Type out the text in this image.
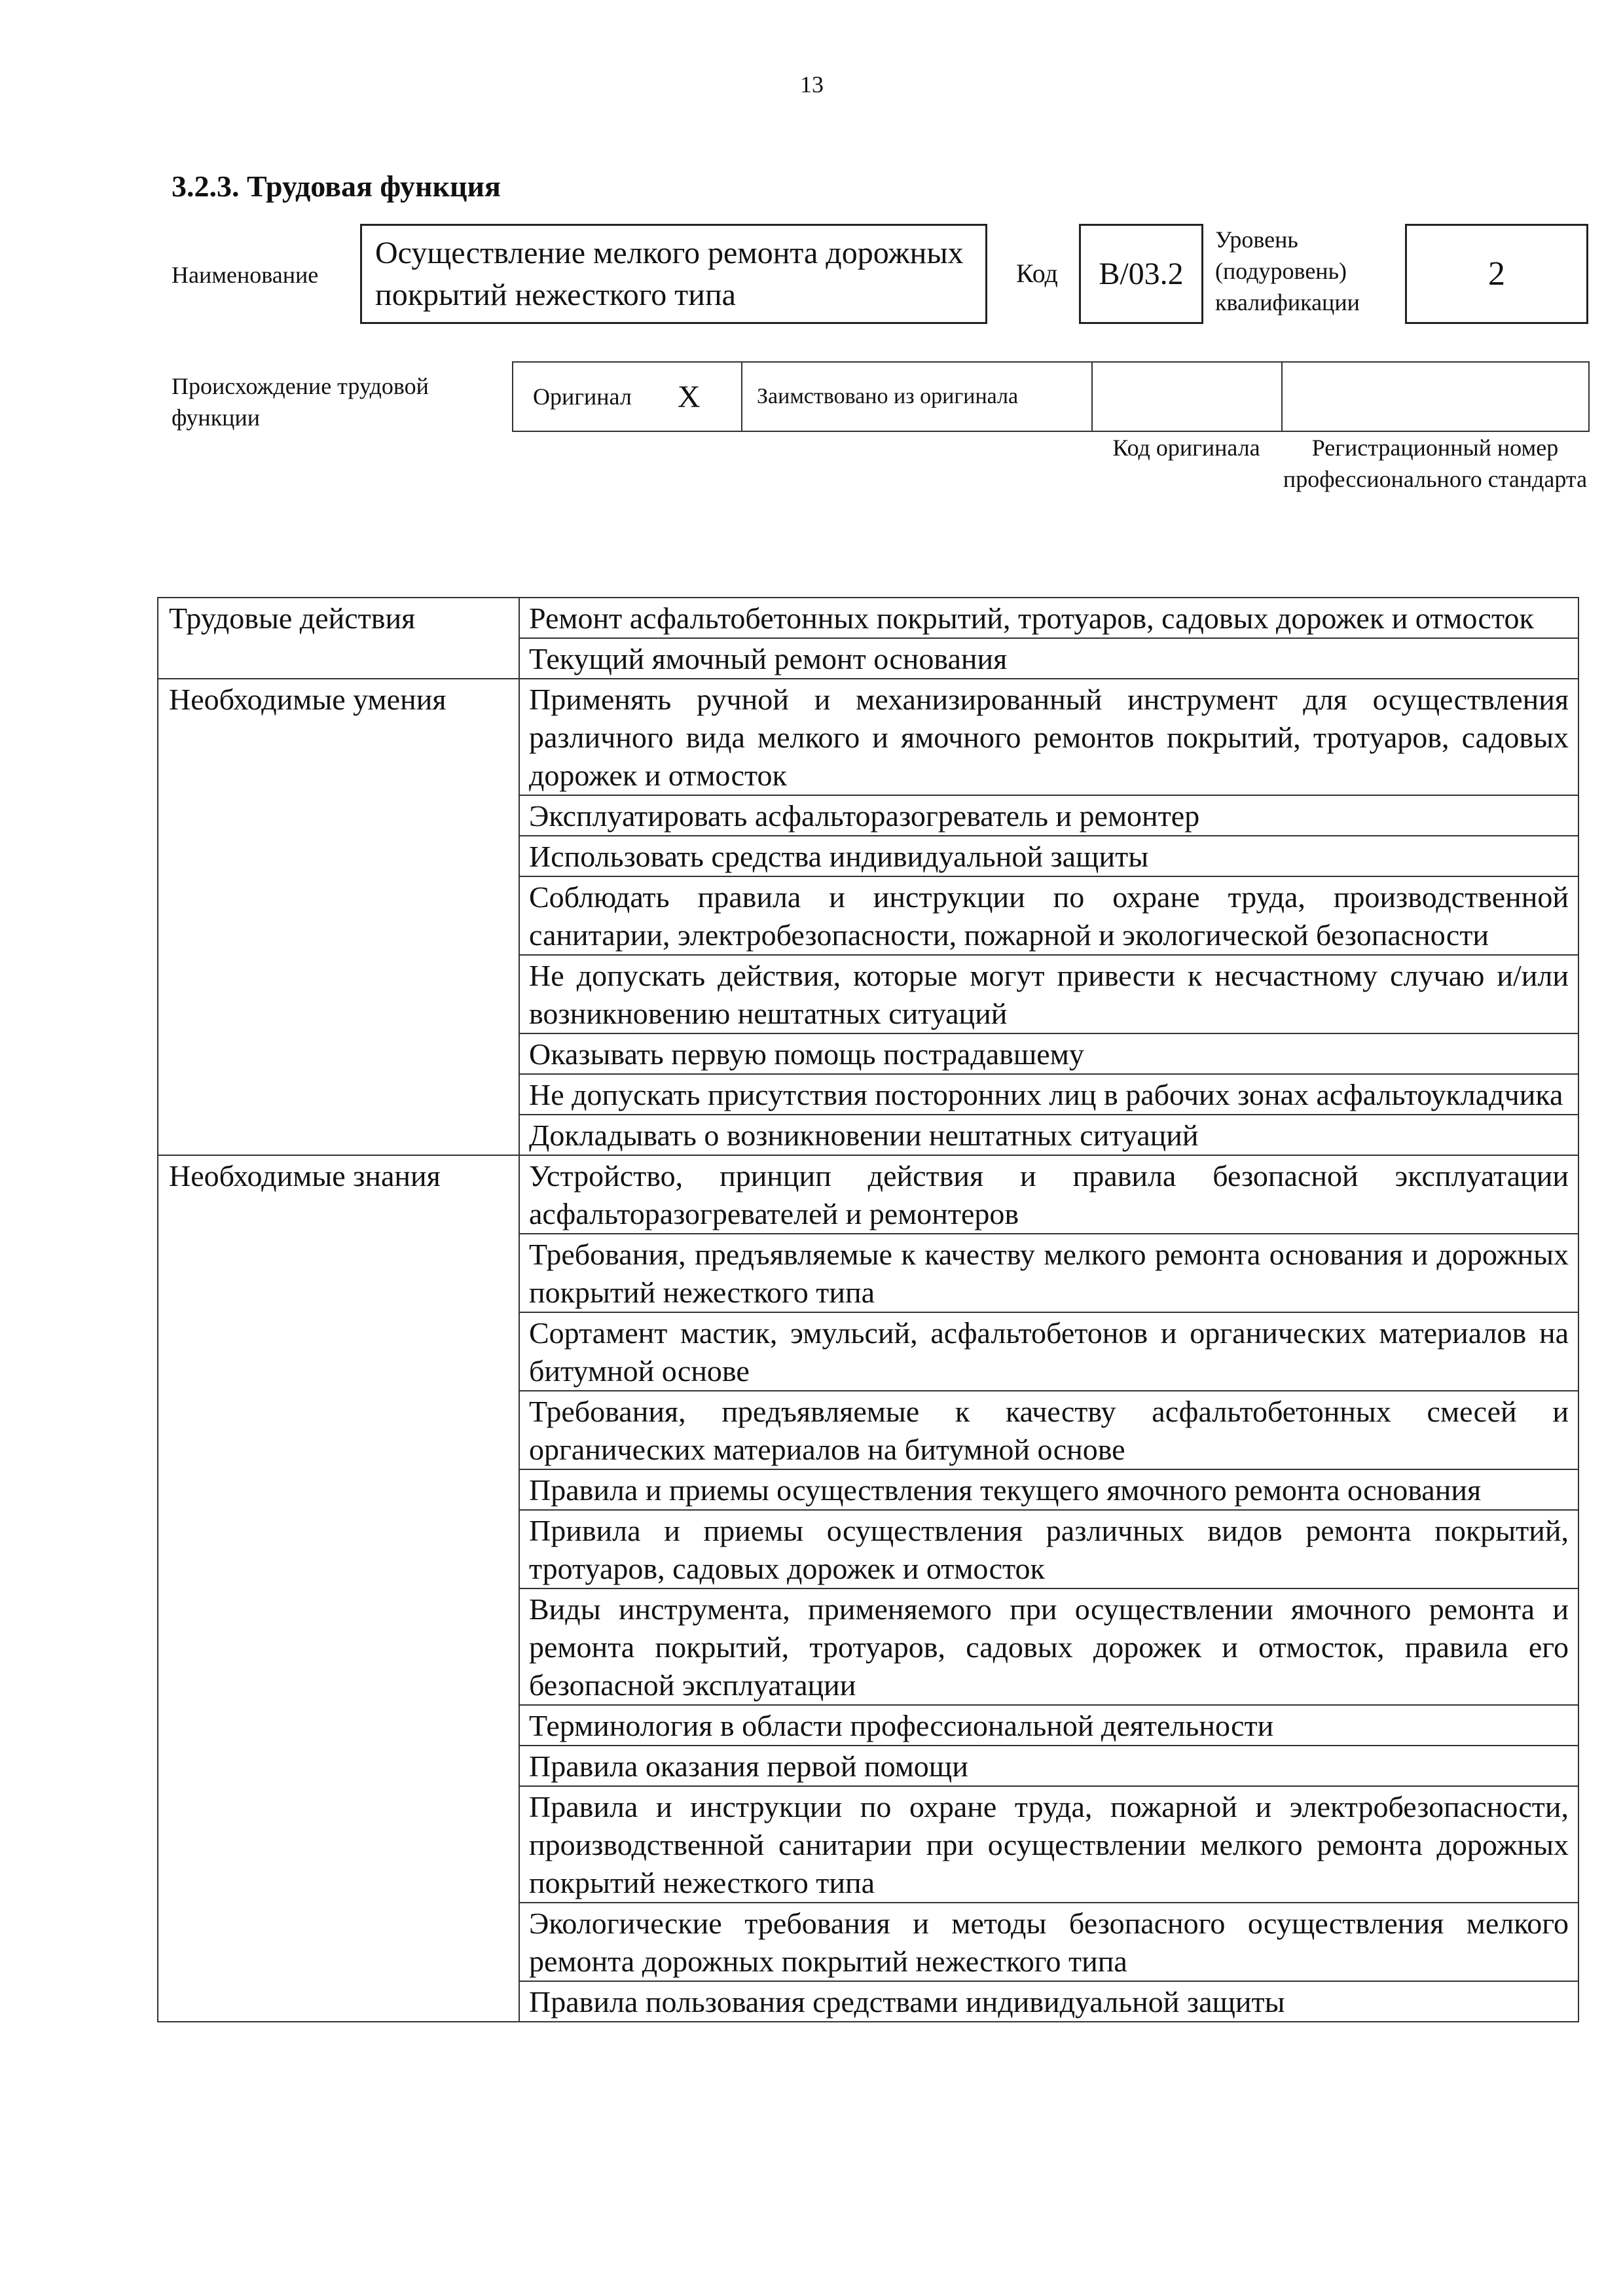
13
3.2.3. Трудовая функция
Наименование
Осуществление мелкого ремонта дорожных покрытий нежесткого типа
Код	B/03.2
Уровень (подуровень) квалификации
2
Происхождение трудовой функции
Оригинал X	Заимствовано из оригинала
Код оригинала	Регистрационный номер профессионального стандарта
Трудовые действия	Ремонт асфальтобетонных покрытий, тротуаров, садовых дорожек и отмосток
	Текущий ямочный ремонт основания
Необходимые умения	Применять ручной и механизированный инструмент для осуществления различного вида мелкого и ямочного ремонтов покрытий, тротуаров, садовых дорожек и отмосток
	Эксплуатировать асфальторазогреватель и ремонтер
	Использовать средства индивидуальной защиты
	Соблюдать правила и инструкции по охране труда, производственной санитарии, электробезопасности, пожарной и экологической безопасности
	Не допускать действия, которые могут привести к несчастному случаю и/или возникновению нештатных ситуаций
	Оказывать первую помощь пострадавшему
	Не допускать присутствия посторонних лиц в рабочих зонах асфальтоукладчика
	Докладывать о возникновении нештатных ситуаций
Необходимые знания	Устройство, принцип действия и правила безопасной эксплуатации асфальторазогревателей и ремонтеров
	Требования, предъявляемые к качеству мелкого ремонта основания и дорожных покрытий нежесткого типа
	Сортамент мастик, эмульсий, асфальтобетонов и органических материалов на битумной основе
	Требования, предъявляемые к качеству асфальтобетонных смесей и органических материалов на битумной основе
	Правила и приемы осуществления текущего ямочного ремонта основания
	Привила и приемы осуществления различных видов ремонта покрытий, тротуаров, садовых дорожек и отмосток
	Виды инструмента, применяемого при осуществлении ямочного ремонта и ремонта покрытий, тротуаров, садовых дорожек и отмосток, правила его безопасной эксплуатации
	Терминология в области профессиональной деятельности
	Правила оказания первой помощи
	Правила и инструкции по охране труда, пожарной и электробезопасности, производственной санитарии при осуществлении мелкого ремонта дорожных покрытий нежесткого типа
	Экологические требования и методы безопасного осуществления мелкого ремонта дорожных покрытий нежесткого типа
	Правила пользования средствами индивидуальной защиты
